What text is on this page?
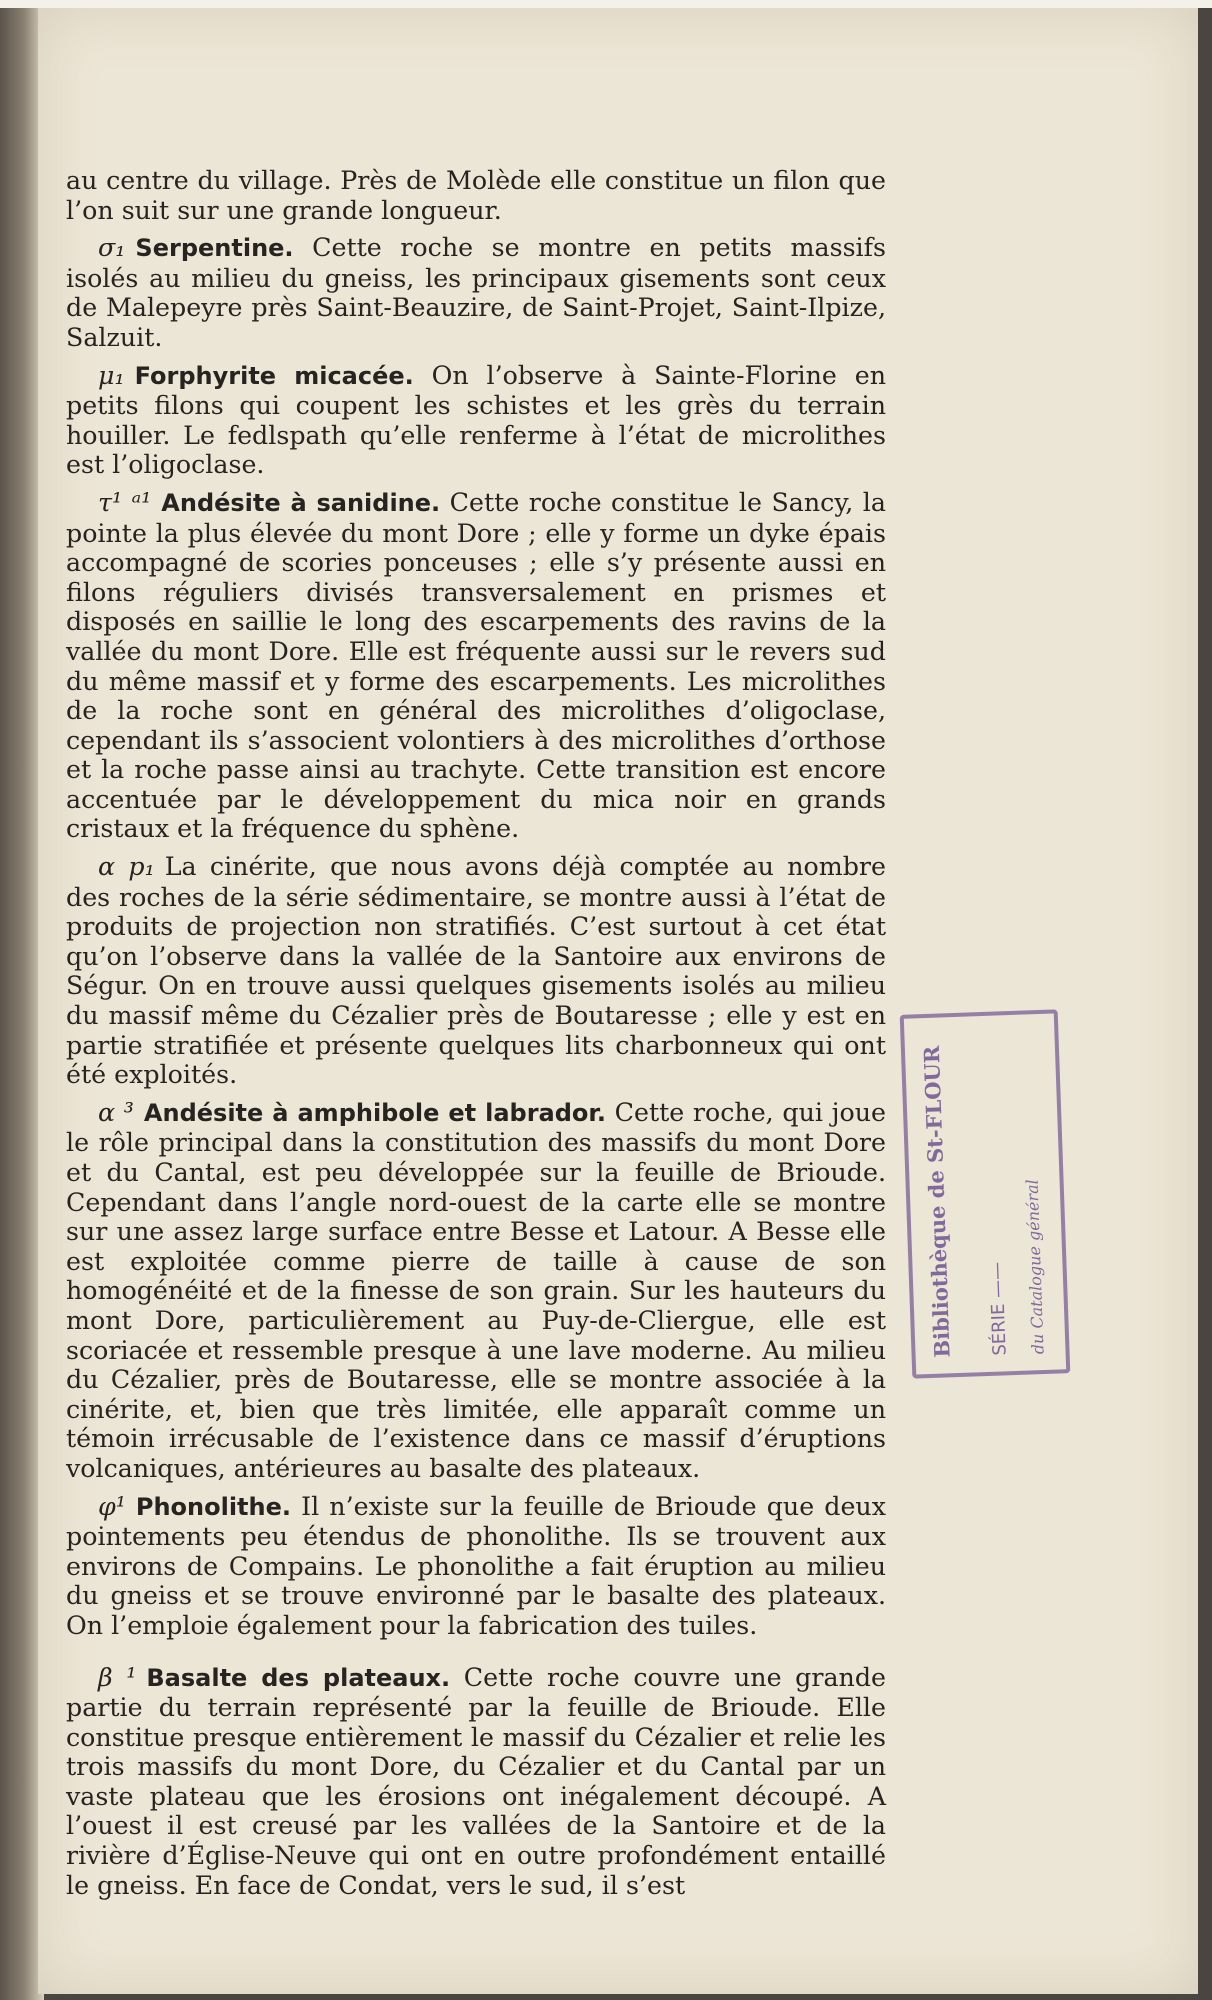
au centre du village. Près de Molède elle constitue un filon que l’on suit sur une grande longueur.

σ₁ Serpentine. Cette roche se montre en petits massifs isolés au milieu du gneiss, les principaux gisements sont ceux de Malepeyre près Saint-Beauzire, de Saint-Projet, Saint-Ilpize, Salzuit.

μ₁ Forphyrite micacée. On l’observe à Sainte-Florine en petits filons qui coupent les schistes et les grès du terrain houiller. Le fedlspath qu’elle renferme à l’état de microlithes est l’oligoclase.

τ¹ ᵃ¹ Andésite à sanidine. Cette roche constitue le Sancy, la pointe la plus élevée du mont Dore ; elle y forme un dyke épais accompagné de scories ponceuses ; elle s’y présente aussi en filons réguliers divisés transversalement en prismes et disposés en saillie le long des escarpements des ravins de la vallée du mont Dore. Elle est fréquente aussi sur le revers sud du même massif et y forme des escarpements. Les microlithes de la roche sont en général des microlithes d’oligoclase, cependant ils s’associent volontiers à des microlithes d’orthose et la roche passe ainsi au trachyte. Cette transition est encore accentuée par le développement du mica noir en grands cristaux et la fréquence du sphène.

α p₁ La cinérite, que nous avons déjà comptée au nombre des roches de la série sédimentaire, se montre aussi à l’état de produits de projection non stratifiés. C’est surtout à cet état qu’on l’observe dans la vallée de la Santoire aux environs de Ségur. On en trouve aussi quelques gisements isolés au milieu du massif même du Cézalier près de Boutaresse ; elle y est en partie stratifiée et présente quelques lits charbonneux qui ont été exploités.

α ³ Andésite à amphibole et labrador. Cette roche, qui joue le rôle principal dans la constitution des massifs du mont Dore et du Cantal, est peu développée sur la feuille de Brioude. Cependant dans l’angle nord-ouest de la carte elle se montre sur une assez large surface entre Besse et Latour. A Besse elle est exploitée comme pierre de taille à cause de son homogénéité et de la finesse de son grain. Sur les hauteurs du mont Dore, particulièrement au Puy-de-Cliergue, elle est scoriacée et ressemble presque à une lave moderne. Au milieu du Cézalier, près de Boutaresse, elle se montre associée à la cinérite, et, bien que très limitée, elle apparaît comme un témoin irrécusable de l’existence dans ce massif d’éruptions volcaniques, antérieures au basalte des plateaux.

φ¹ Phonolithe. Il n’existe sur la feuille de Brioude que deux pointements peu étendus de phonolithe. Ils se trouvent aux environs de Compains. Le phonolithe a fait éruption au milieu du gneiss et se trouve environné par le basalte des plateaux. On l’emploie également pour la fabrication des tuiles.

β ¹ Basalte des plateaux. Cette roche couvre une grande partie du terrain représenté par la feuille de Brioude. Elle constitue presque entièrement le massif du Cézalier et relie les trois massifs du mont Dore, du Cézalier et du Cantal par un vaste plateau que les érosions ont inégalement découpé. A l’ouest il est creusé par les vallées de la Santoire et de la rivière d’Église-Neuve qui ont en outre profondément entaillé le gneiss. En face de Condat, vers le sud, il s’est

Bibliothèque de St-FLOUR	SÉRIE —— du Catalogue général
